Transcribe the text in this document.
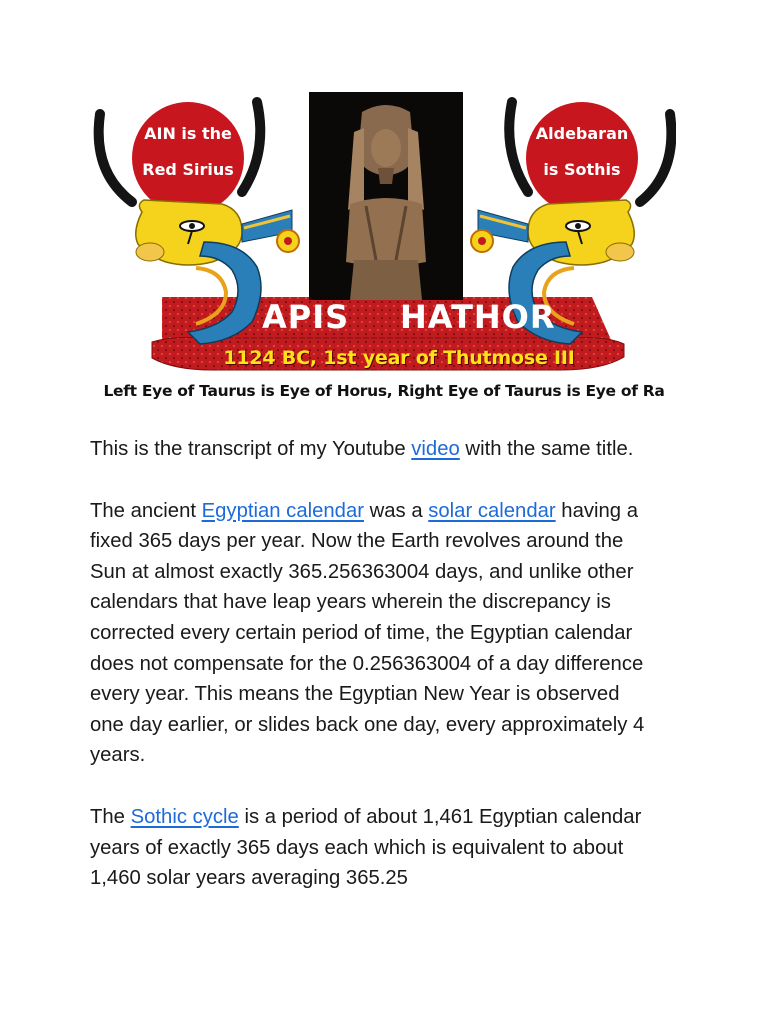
AIN is the
Red Sirius
Aldebaran
is Sothis
APIS HATHOR
1124 BC, 1st year of Thutmose III
Left Eye of Taurus is Eye of Horus, Right Eye of Taurus is Eye of Ra

This is the transcript of my Youtube video with the same title.

The ancient Egyptian calendar was a solar calendar having a fixed 365 days per year. Now the Earth revolves around the Sun at almost exactly 365.256363004 days, and unlike other calendars that have leap years wherein the discrepancy is corrected every certain period of time, the Egyptian calendar does not compensate for the 0.256363004 of a day difference every year. This means the Egyptian New Year is observed one day earlier, or slides back one day, every approximately 4 years.

The Sothic cycle is a period of about 1,461 Egyptian calendar years of exactly 365 days each which is equivalent to about 1,460 solar years averaging 365.25
